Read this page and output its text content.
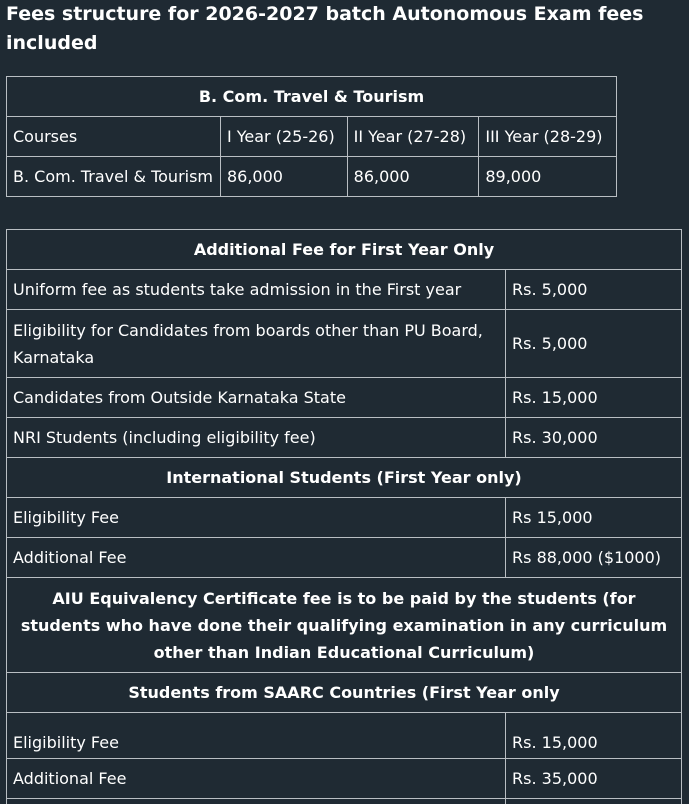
Fees structure for 2026-2027 batch Autonomous Exam fees included
B. Com. Travel & Tourism			
Courses	I Year (25-26)	II Year (27-28)	III Year (28-29)
B. Com. Travel & Tourism	86,000	86,000	89,000
Additional Fee for First Year Only	
Uniform fee as students take admission in the First year	Rs. 5,000
Eligibility for Candidates from boards other than PU Board, Karnataka	Rs. 5,000
Candidates from Outside Karnataka State	Rs. 15,000
NRI Students (including eligibility fee)	Rs. 30,000
International Students (First Year only)	
Eligibility Fee	Rs 15,000
Additional Fee	Rs 88,000 ($1000)
AIU Equivalency Certificate fee is to be paid by the students (for students who have done their qualifying examination in any curriculum other than Indian Educational Curriculum)	
Students from SAARC Countries (First Year only	
Eligibility Fee	Rs. 15,000
Additional Fee	Rs. 35,000
